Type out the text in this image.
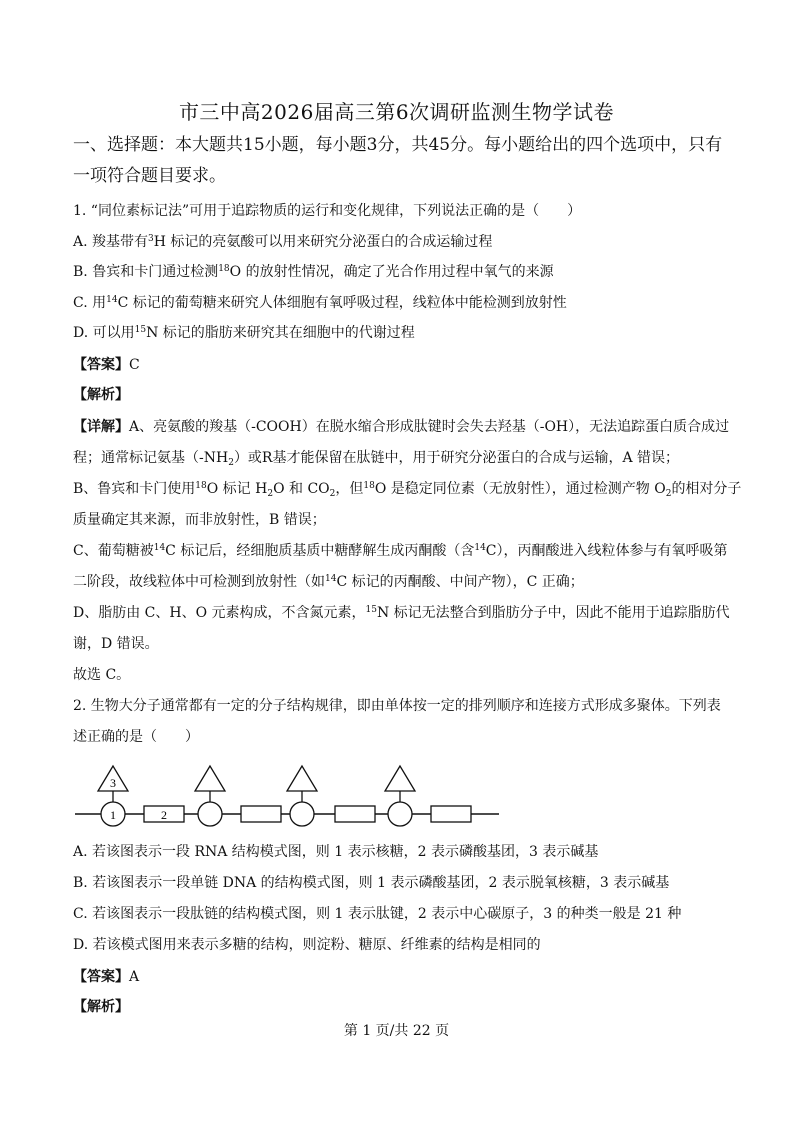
市三中高2026届高三第6次调研监测生物学试卷
一、选择题：本大题共15小题，每小题3分，共45分。每小题给出的四个选项中，只有一项符合题目要求。
1. “同位素标记法”可用于追踪物质的运行和变化规律，下列说法正确的是（　　）
A. 羧基带有$^3$H 标记的亮氨酸可以用来研究分泌蛋白的合成运输过程
B. 鲁宾和卡门通过检测$^{18}$O 的放射性情况，确定了光合作用过程中氧气的来源
C. 用$^{14}$C 标记的葡萄糖来研究人体细胞有氧呼吸过程，线粒体中能检测到放射性
D. 可以用$^{15}$N 标记的脂肪来研究其在细胞中的代谢过程
【答案】C
【解析】
【详解】A、亮氨酸的羧基（-COOH）在脱水缩合形成肽键时会失去羟基（-OH），无法追踪蛋白质合成过
程；通常标记氨基$(-NH_2)$或R基才能保留在肽链中，用于研究分泌蛋白的合成与运输，A 错误；
B、鲁宾和卡门使用$^{18}$O 标记 $H_2O$ 和 $CO_2$，但$^{18}$O 是稳定同位素（无放射性），通过检测产物 $O_2$的相对分子
质量确定其来源，而非放射性，B 错误；
C、葡萄糖被$^{14}$C 标记后，经细胞质基质中糖酵解生成丙酮酸（含$^{14}$C），丙酮酸进入线粒体参与有氧呼吸第
二阶段，故线粒体中可检测到放射性（如$^{14}$C 标记的丙酮酸、中间产物），C 正确；
D、脂肪由 C、H、O 元素构成，不含氮元素，$^{15}$N 标记无法整合到脂肪分子中，因此不能用于追踪脂肪代
谢，D 错误。
故选 C。
2. 生物大分子通常都有一定的分子结构规律，即由单体按一定的排列顺序和连接方式形成多聚体。下列表
述正确的是（　　）
3
1	2
A. 若该图表示一段 RNA 结构模式图，则 1 表示核糖，2 表示磷酸基团，3 表示碱基
B. 若该图表示一段单链 DNA 的结构模式图，则 1 表示磷酸基团，2 表示脱氧核糖，3 表示碱基
C. 若该图表示一段肽链的结构模式图，则 1 表示肽键，2 表示中心碳原子，3 的种类一般是 21 种
D. 若该模式图用来表示多糖的结构，则淀粉、糖原、纤维素的结构是相同的
【答案】A
【解析】
第 1 页/共 22 页
